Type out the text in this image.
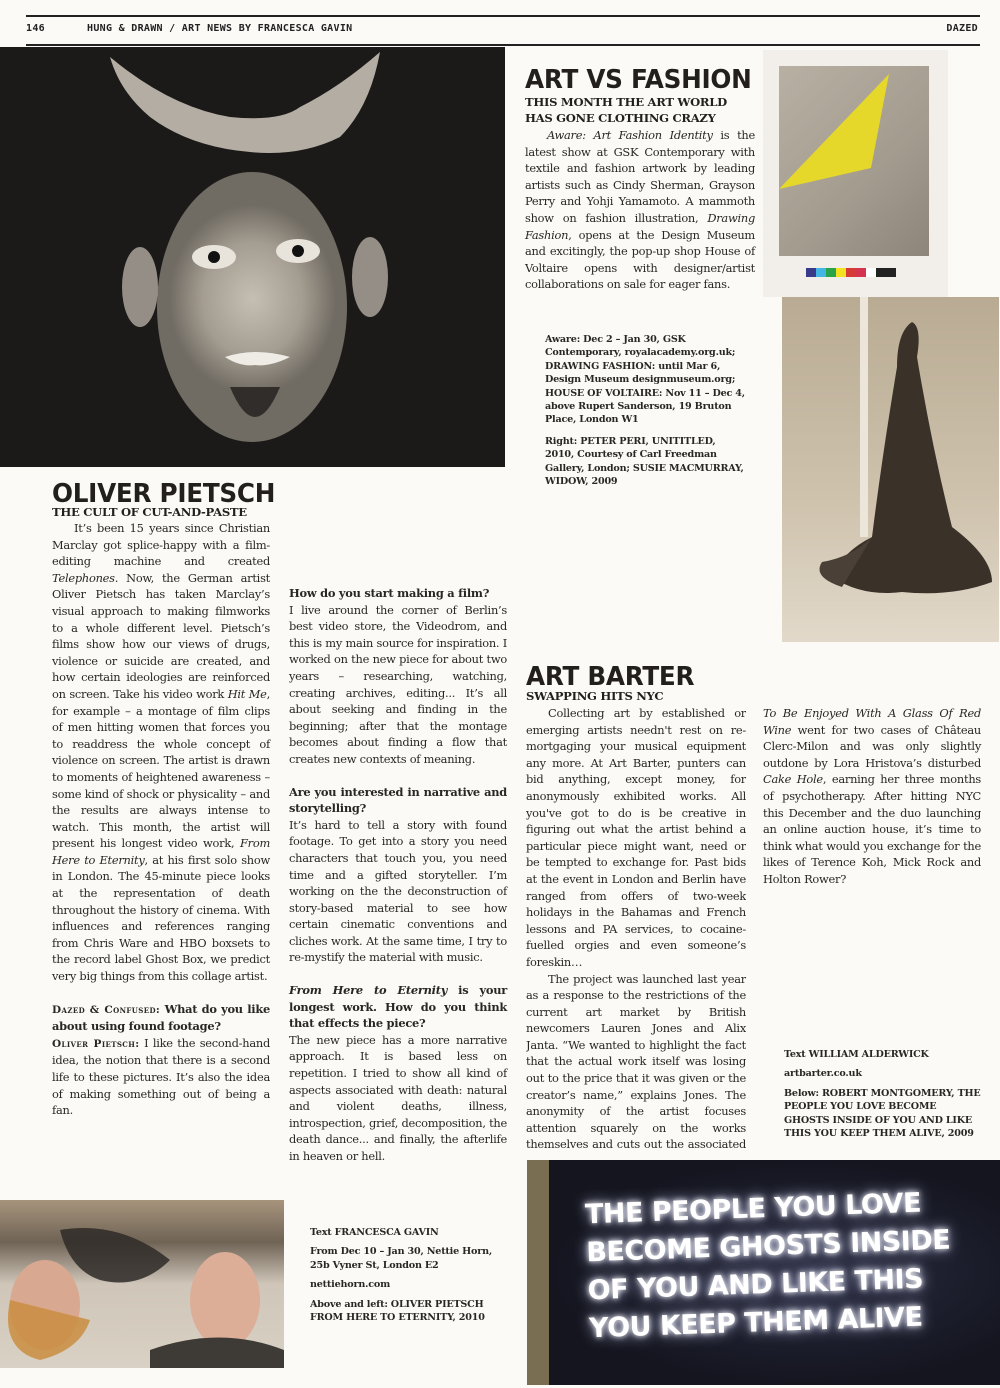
146	HUNG & DRAWN / ART NEWS BY FRANCESCA GAVIN	DAZED
ART VS FASHION
THIS MONTH THE ART WORLD HAS GONE CLOTHING CRAZY

Aware: Art Fashion Identity is the latest show at GSK Contemporary with textile and fashion artwork by leading artists such as Cindy Sherman, Grayson Perry and Yohji Yamamoto. A mammoth show on fashion illustration, Drawing Fashion, opens at the Design Museum and excitingly, the pop-up shop House of Voltaire opens with designer/artist collaborations on sale for eager fans.

Aware: Dec 2 – Jan 30, GSK Contemporary, royalacademy.org.uk; DRAWING FASHION: until Mar 6, Design Museum designmuseum.org; HOUSE OF VOLTAIRE: Nov 11 – Dec 4, above Rupert Sanderson, 19 Bruton Place, London W1

Right: PETER PERI, UNITITLED, 2010, Courtesy of Carl Freedman Gallery, London; SUSIE MACMURRAY, WIDOW, 2009

OLIVER PIETSCH
THE CULT OF CUT-AND-PASTE

It’s been 15 years since Christian Marclay got splice-happy with a film-editing machine and created Telephones. Now, the German artist Oliver Pietsch has taken Marclay’s visual approach to making filmworks to a whole different level. Pietsch’s films show how our views of drugs, violence or suicide are created, and how certain ideologies are reinforced on screen. Take his video work Hit Me, for example – a montage of film clips of men hitting women that forces you to readdress the whole concept of violence on screen. The artist is drawn to moments of heightened awareness – some kind of shock or physicality – and the results are always intense to watch. This month, the artist will present his longest video work, From Here to Eternity, at his first solo show in London. The 45-minute piece looks at the representation of death throughout the history of cinema. With influences and references ranging from Chris Ware and HBO boxsets to the record label Ghost Box, we predict very big things from this collage artist.

Dazed & Confused: What do you like about using found footage?

Oliver Pietsch: I like the second-hand idea, the notion that there is a second life to these pictures. It’s also the idea of making something out of being a fan.

How do you start making a film?

I live around the corner of Berlin’s best video store, the Videodrom, and this is my main source for inspiration. I worked on the new piece for about two years – researching, watching, creating archives, editing... It’s all about seeking and finding in the beginning; after that the montage becomes about finding a flow that creates new contexts of meaning.

Are you interested in narrative and storytelling?

It’s hard to tell a story with found footage. To get into a story you need characters that touch you, you need time and a gifted storyteller. I’m working on the the deconstruction of story-based material to see how certain cinematic conventions and cliches work. At the same time, I try to re-mystify the material with music.

From Here to Eternity is your longest work. How do you think that effects the piece?

The new piece has a more narrative approach. It is based less on repetition. I tried to show all kind of aspects associated with death: natural and violent deaths, illness, introspection, grief, decomposition, the death dance... and finally, the afterlife in heaven or hell.

Text FRANCESCA GAVIN

From Dec 10 – Jan 30, Nettie Horn, 25b Vyner St, London E2

nettiehorn.com

Above and left: OLIVER PIETSCH FROM HERE TO ETERNITY, 2010

ART BARTER
SWAPPING HITS NYC

Collecting art by established or emerging artists needn't rest on re-mortgaging your musical equipment any more. At Art Barter, punters can bid anything, except money, for anonymously exhibited works. All you've got to do is be creative in figuring out what the artist behind a particular piece might want, need or be tempted to exchange for. Past bids at the event in London and Berlin have ranged from offers of two-week holidays in the Bahamas and French lessons and PA services, to cocaine-fuelled orgies and even someone’s foreskin…

The project was launched last year as a response to the restrictions of the current art market by British newcomers Lauren Jones and Alix Janta. “We wanted to highlight the fact that the actual work itself was losing out to the price that it was given or the creator’s name,” explains Jones. The anonymity of the artist focuses attention squarely on the works themselves and cuts out the associated

To Be Enjoyed With A Glass Of Red Wine went for two cases of Château Clerc-Milon and was only slightly outdone by Lora Hristova’s disturbed Cake Hole, earning her three months of psychotherapy. After hitting NYC this December and the duo launching an online auction house, it’s time to think what would you exchange for the likes of Terence Koh, Mick Rock and Holton Rower?

Text WILLIAM ALDERWICK

artbarter.co.uk

Below: ROBERT MONTGOMERY, THE PEOPLE YOU LOVE BECOME GHOSTS INSIDE OF YOU AND LIKE THIS YOU KEEP THEM ALIVE, 2009

THE PEOPLE YOU LOVE
BECOME GHOSTS INSIDE
OF YOU AND LIKE THIS
YOU KEEP THEM ALIVE
